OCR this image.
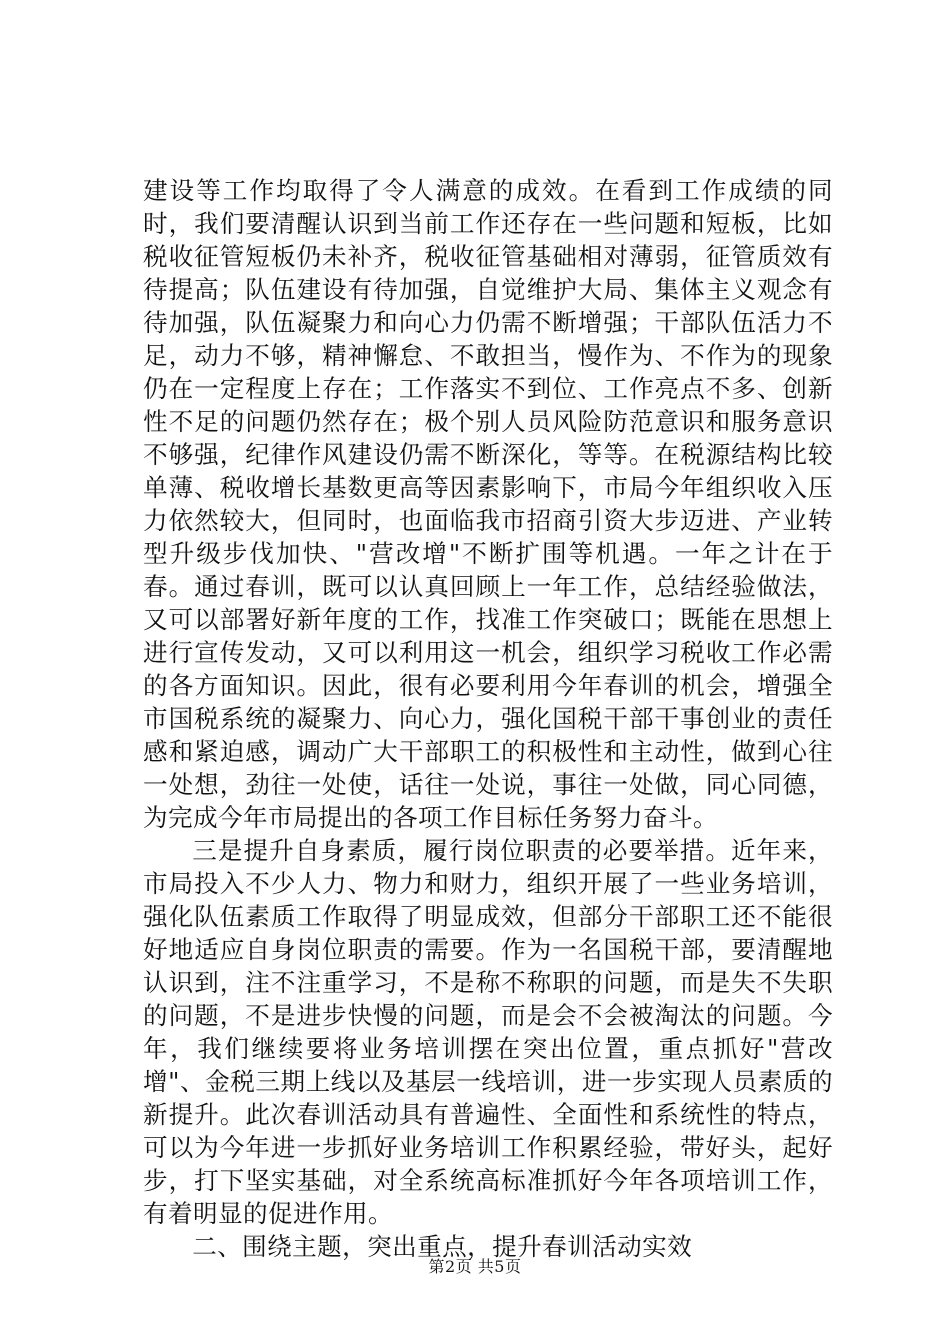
建设等工作均取得了令人满意的成效。在看到工作成绩的同时，我们要清醒认识到当前工作还存在一些问题和短板，比如税收征管短板仍未补齐，税收征管基础相对薄弱，征管质效有待提高；队伍建设有待加强，自觉维护大局、集体主义观念有待加强，队伍凝聚力和向心力仍需不断增强；干部队伍活力不足，动力不够，精神懈怠、不敢担当，慢作为、不作为的现象仍在一定程度上存在；工作落实不到位、工作亮点不多、创新性不足的问题仍然存在；极个别人员风险防范意识和服务意识不够强，纪律作风建设仍需不断深化，等等。在税源结构比较单薄、税收增长基数更高等因素影响下，市局今年组织收入压力依然较大，但同时，也面临我市招商引资大步迈进、产业转型升级步伐加快、"营改增"不断扩围等机遇。一年之计在于春。通过春训，既可以认真回顾上一年工作，总结经验做法，又可以部署好新年度的工作，找准工作突破口；既能在思想上进行宣传发动，又可以利用这一机会，组织学习税收工作必需的各方面知识。因此，很有必要利用今年春训的机会，增强全市国税系统的凝聚力、向心力，强化国税干部干事创业的责任感和紧迫感，调动广大干部职工的积极性和主动性，做到心往一处想，劲往一处使，话往一处说，事往一处做，同心同德，为完成今年市局提出的各项工作目标任务努力奋斗。

三是提升自身素质，履行岗位职责的必要举措。近年来，市局投入不少人力、物力和财力，组织开展了一些业务培训，强化队伍素质工作取得了明显成效，但部分干部职工还不能很好地适应自身岗位职责的需要。作为一名国税干部，要清醒地认识到，注不注重学习，不是称不称职的问题，而是失不失职的问题，不是进步快慢的问题，而是会不会被淘汰的问题。今年，我们继续要将业务培训摆在突出位置，重点抓好"营改增"、金税三期上线以及基层一线培训，进一步实现人员素质的新提升。此次春训活动具有普遍性、全面性和系统性的特点，可以为今年进一步抓好业务培训工作积累经验，带好头，起好步，打下坚实基础，对全系统高标准抓好今年各项培训工作，有着明显的促进作用。

二、围绕主题，突出重点，提升春训活动实效

第2页 共5页
